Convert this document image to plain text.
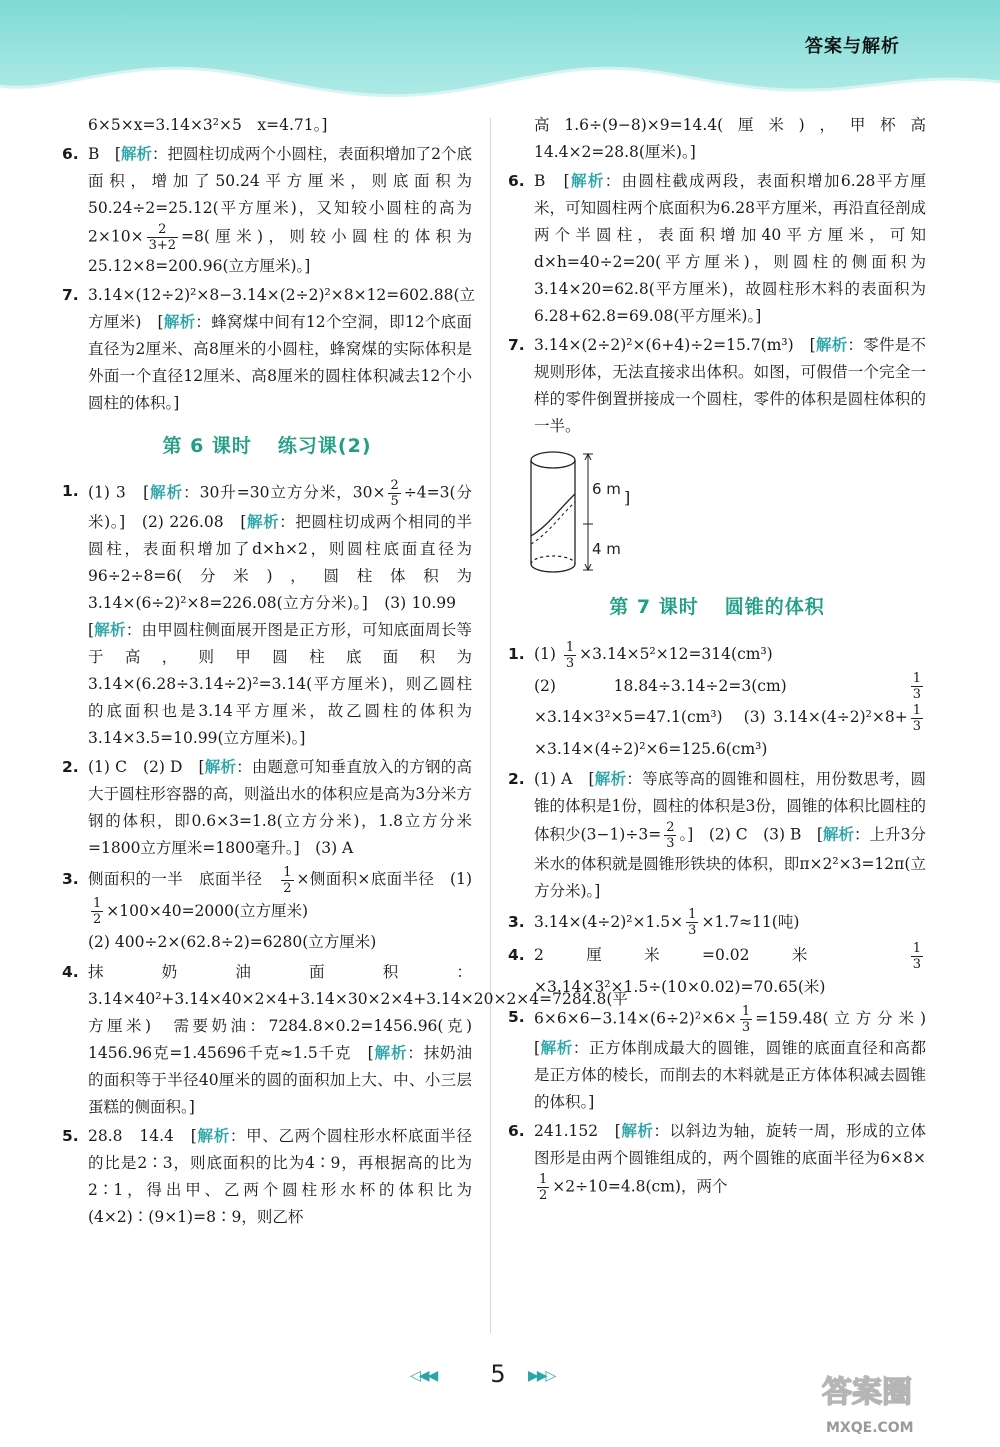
答案与解析
6×5×x=3.14×3²×5　x=4.71。]
6. B　[解析：把圆柱切成两个小圆柱，表面积增加了2个底面积，增加了50.24平方厘米，则底面积为50.24÷2=25.12(平方厘米)，又知较小圆柱的高为$2\times 10\times \frac{2}{3+2} =8$(厘米)，则较小圆柱的体积为25.12×8=200.96(立方厘米)。]
7. 3.14×(12÷2)²×8−3.14×(2÷2)²×8×12=602.88(立方厘米)　[解析：蜂窝煤中间有12个空洞，即12个底面直径为2厘米、高8厘米的小圆柱，蜂窝煤的实际体积是外面一个直径12厘米、高8厘米的圆柱体积减去12个小圆柱的体积。]
第 6 课时 练习课(2)
1. (1) 3　[解析：30升=30立方分米，$30\times \frac{2}{5} \div 4=3$(分米)。]　(2) 226.08　[解析：把圆柱切成两个相同的半圆柱，表面积增加了d×h×2，则圆柱底面直径为96÷2÷8=6(分米)，圆柱体积为3.14×(6÷2)²×8=226.08(立方分米)。]　(3) 10.99　[解析：由甲圆柱侧面展开图是正方形，可知底面周长等于高，则甲圆柱底面积为3.14×(6.28÷3.14÷2)²=3.14(平方厘米)，则乙圆柱的底面积也是3.14平方厘米，故乙圆柱的体积为3.14×3.5=10.99(立方厘米)。]
2. (1) C　(2) D　[解析：由题意可知垂直放入的方钢的高大于圆柱形容器的高，则溢出水的体积应是高为3分米方钢的体积，即0.6×3=1.8(立方分米)，1.8立方分米=1800立方厘米=1800毫升。]　(3) A
3. 侧面积的一半　底面半径　 $\frac{1}{2}$ ×侧面积×底面半径　(1)
$\frac{1}{2} \times 100\times 40=2000$(立方厘米)
(2) 400÷2×(62.8÷2)=6280(立方厘米)
4. 抹奶油面积：3.14×40²+3.14×40×2×4+3.14×30×2×4+3.14×20×2×4=7284.8(平方厘米)　需要奶油：7284.8×0.2=1456.96(克)　1456.96克=1.45696千克≈1.5千克　[解析：抹奶油的面积等于半径40厘米的圆的面积加上大、中、小三层蛋糕的侧面积。]
5. 28.8　14.4　[解析：甲、乙两个圆柱形水杯底面半径的比是2∶3，则底面积的比为4∶9，再根据高的比为2∶1，得出甲、乙两个圆柱形水杯的体积比为(4×2)∶(9×1)=8∶9，则乙杯
高1.6÷(9−8)×9=14.4(厘米)，甲杯高14.4×2=28.8(厘米)。]
6. B　[解析：由圆柱截成两段，表面积增加6.28平方厘米，可知圆柱两个底面积为6.28平方厘米，再沿直径剖成两个半圆柱，表面积增加40平方厘米，可知d×h=40÷2=20(平方厘米)，则圆柱的侧面积为3.14×20=62.8(平方厘米)，故圆柱形木料的表面积为6.28+62.8=69.08(平方厘米)。]
7. 3.14×(2÷2)²×(6+4)÷2=15.7(m³)　[解析：零件是不规则形体，无法直接求出体积。如图，可假借一个完全一样的零件倒置拼接成一个圆柱，零件的体积是圆柱体积的一半。
6 m
4 m
]
第 7 课时 圆锥的体积
1. $(1) \frac{1}{3} \times 3.14\times 5^2\times 12=314(cm^3)$
(2) 18.84÷3.14÷2=3(cm)　 $\frac{1}{3}$
×3.14×3²×5=47.1(cm³)　(3) $3.14\times(4\div 2)^2\times 8+ \frac{1}{3}$
×3.14×(4÷2)²×6=125.6(cm³)
2. (1) A　[解析：等底等高的圆锥和圆柱，用份数思考，圆锥的体积是1份，圆柱的体积是3份，圆锥的体积比圆柱的体积少$(3-1)\div 3= \frac{2}{3}$ 。]　(2) C　(3) B　[解析：上升3分米水的体积就是圆锥形铁块的体积，即π×2²×3=12π(立方分米)。]
3. $3.14\times(4\div 2)^2\times 1.5\times \frac{1}{3} \times 1.7\approx 11$(吨)
4. 2厘米=0.02米　 $\frac{1}{3}$
×3.14×3²×1.5÷(10×0.02)=70.65(米)
5. $6\times 6\times 6-3.14\times(6\div 2)^2\times 6\times \frac{1}{3} =159.48$(立方分米)　[解析：正方体削成最大的圆锥，圆锥的底面直径和高都是正方体的棱长，而削去的木料就是正方体体积减去圆锥的体积。]
6. 241.152　[解析：以斜边为轴，旋转一周，形成的立体图形是由两个圆锥组成的，两个圆锥的底面半径为6×8×
$\frac{1}{2} \times 2\div 10=4.8(cm)$，两个
◁◀◀	5	▶▶▷	答案圈
MXQE.COM
